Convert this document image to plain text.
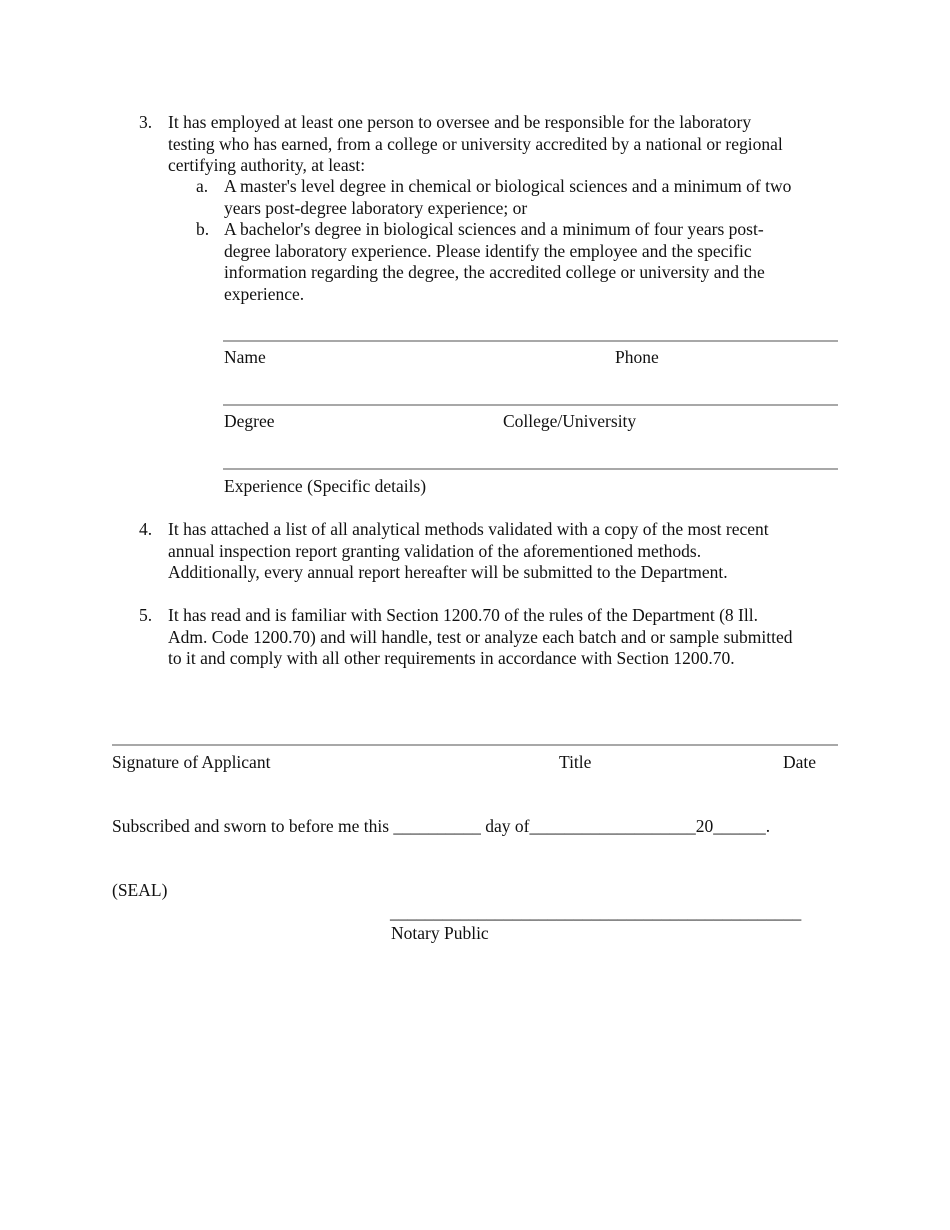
3. It has employed at least one person to oversee and be responsible for the laboratory
testing who has earned, from a college or university accredited by a national or regional
certifying authority, at least:
a. A master's level degree in chemical or biological sciences and a minimum of two
years post-degree laboratory experience; or
b. A bachelor's degree in biological sciences and a minimum of four years post-
degree laboratory experience. Please identify the employee and the specific
information regarding the degree, the accredited college or university and the
experience.
Name	Phone
Degree	College/University
Experience (Specific details)
4. It has attached a list of all analytical methods validated with a copy of the most recent
annual inspection report granting validation of the aforementioned methods.
Additionally, every annual report hereafter will be submitted to the Department.
5. It has read and is familiar with Section 1200.70 of the rules of the Department (8 Ill.
Adm. Code 1200.70) and will handle, test or analyze each batch and or sample submitted
to it and comply with all other requirements in accordance with Section 1200.70.
Signature of Applicant	Title	Date
Subscribed and sworn to before me this __________ day of___________________20______.
(SEAL)
_______________________________________________
Notary Public
